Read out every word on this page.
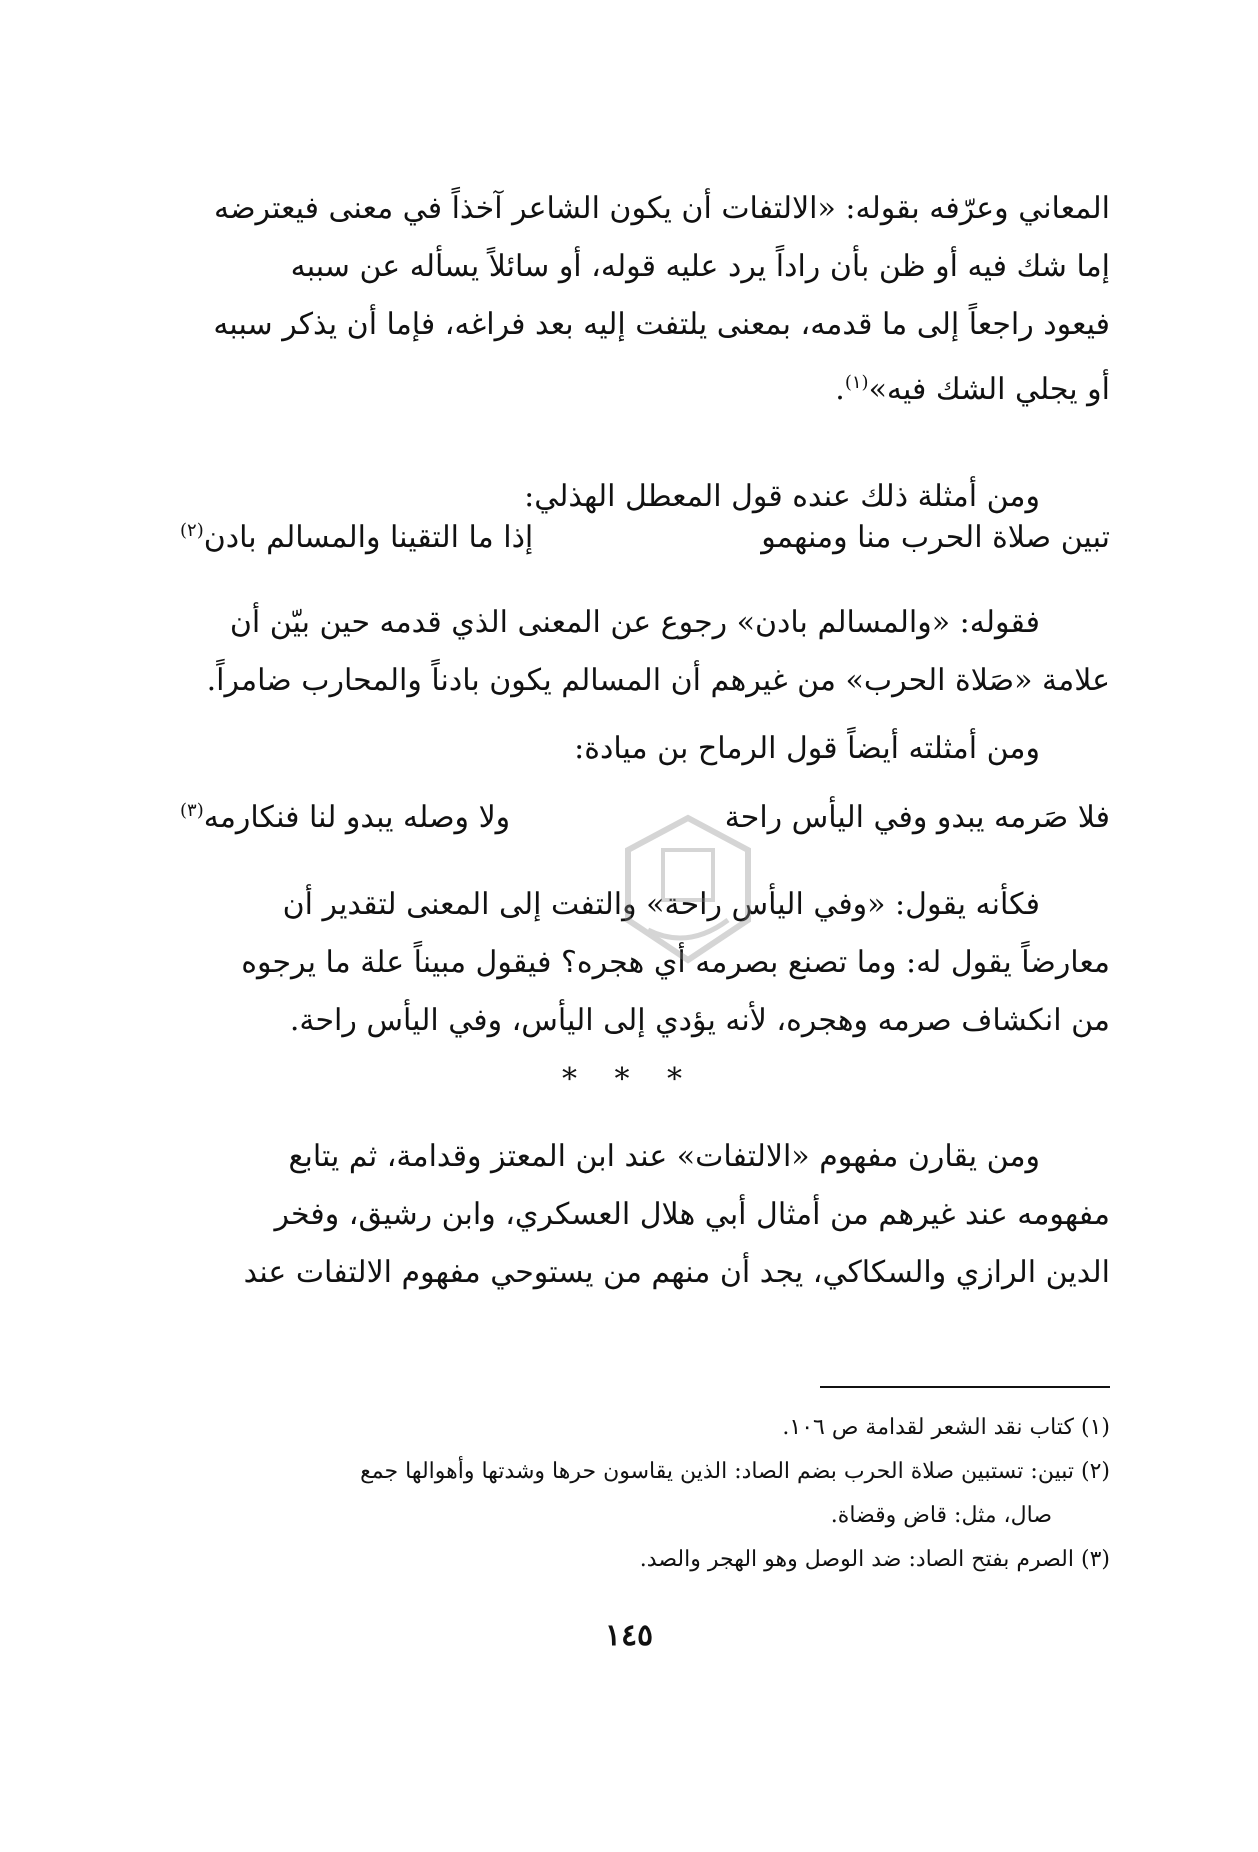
المعاني وعرّفه بقوله: «الالتفات أن يكون الشاعر آخذاً في معنى فيعترضه
إما شك فيه أو ظن بأن راداً يرد عليه قوله، أو سائلاً يسأله عن سببه
فيعود راجعاً إلى ما قدمه، بمعنى يلتفت إليه بعد فراغه، فإما أن يذكر سببه
أو يجلي الشك فيه»$^{(١)}$.
ومن أمثلة ذلك عنده قول المعطل الهذلي:
تبين صلاة الحرب منا ومنهمو
إذا ما التقينا والمسالم بادن$^{(٢)}$
فقوله: «والمسالم بادن» رجوع عن المعنى الذي قدمه حين بيّن أن
علامة «صَلاة الحرب» من غيرهم أن المسالم يكون بادناً والمحارب ضامراً.
ومن أمثلته أيضاً قول الرماح بن ميادة:
فلا صَرمه يبدو وفي اليأس راحة
ولا وصله يبدو لنا فنكارمه$^{(٣)}$
فكأنه يقول: «وفي اليأس راحة» والتفت إلى المعنى لتقدير أن
معارضاً يقول له: وما تصنع بصرمه أي هجره؟ فيقول مبيناً علة ما يرجوه
من انكشاف صرمه وهجره، لأنه يؤدي إلى اليأس، وفي اليأس راحة.
* * *
ومن يقارن مفهوم «الالتفات» عند ابن المعتز وقدامة، ثم يتابع
مفهومه عند غيرهم من أمثال أبي هلال العسكري، وابن رشيق، وفخر
الدين الرازي والسكاكي، يجد أن منهم من يستوحي مفهوم الالتفات عند
(١) كتاب نقد الشعر لقدامة ص ١٠٦.
(٢) تبين: تستبين صلاة الحرب بضم الصاد: الذين يقاسون حرها وشدتها وأهوالها جمع
صال، مثل: قاض وقضاة.
(٣) الصرم بفتح الصاد: ضد الوصل وهو الهجر والصد.
١٤٥
